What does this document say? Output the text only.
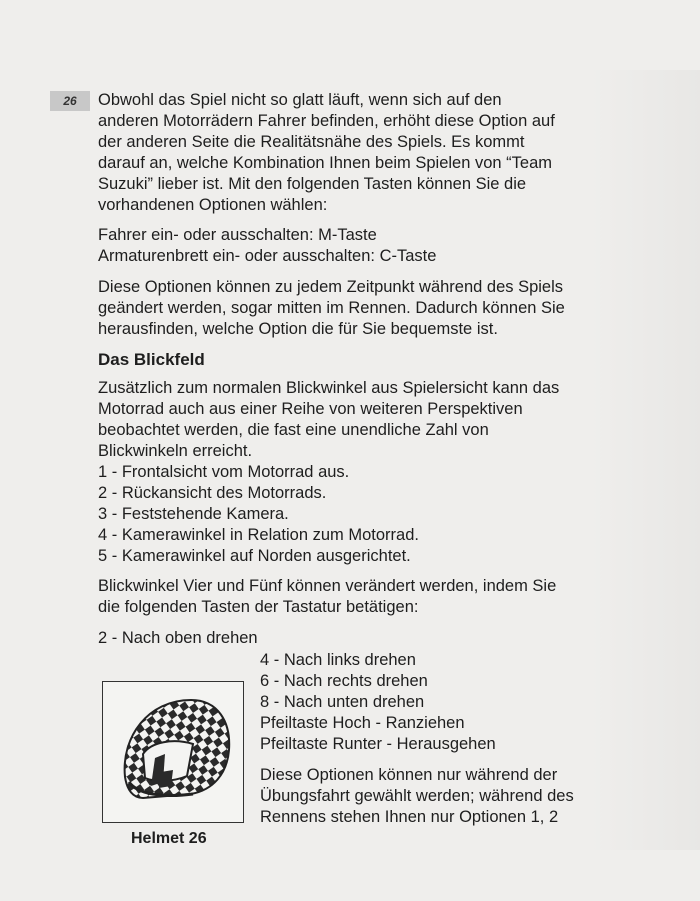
26	Obwohl das Spiel nicht so glatt läuft, wenn sich auf den

anderen Motorrädern Fahrer befinden, erhöht diese Option auf

der anderen Seite die Realitätsnähe des Spiels. Es kommt

darauf an, welche Kombination Ihnen beim Spielen von “Team

Suzuki” lieber ist. Mit den folgenden Tasten können Sie die

vorhandenen Optionen wählen:

Fahrer ein- oder ausschalten: M-Taste

Armaturenbrett ein- oder ausschalten: C-Taste

Diese Optionen können zu jedem Zeitpunkt während des Spiels

geändert werden, sogar mitten im Rennen. Dadurch können Sie

herausfinden, welche Option die für Sie bequemste ist.

Das Blickfeld

Zusätzlich zum normalen Blickwinkel aus Spielersicht kann das

Motorrad auch aus einer Reihe von weiteren Perspektiven

beobachtet werden, die fast eine unendliche Zahl von

Blickwinkeln erreicht.

1 - Frontalsicht vom Motorrad aus.

2 - Rückansicht des Motorrads.

3 - Feststehende Kamera.

4 - Kamerawinkel in Relation zum Motorrad.

5 - Kamerawinkel auf Norden ausgerichtet.

Blickwinkel Vier und Fünf können verändert werden, indem Sie

die folgenden Tasten der Tastatur betätigen:

2 - Nach oben drehen

4 - Nach links drehen

6 - Nach rechts drehen

8 - Nach unten drehen

Pfeiltaste Hoch - Ranziehen

Pfeiltaste Runter - Herausgehen

Diese Optionen können nur während der

Übungsfahrt gewählt werden; während des

Rennens stehen Ihnen nur Optionen 1, 2

Helmet 26
